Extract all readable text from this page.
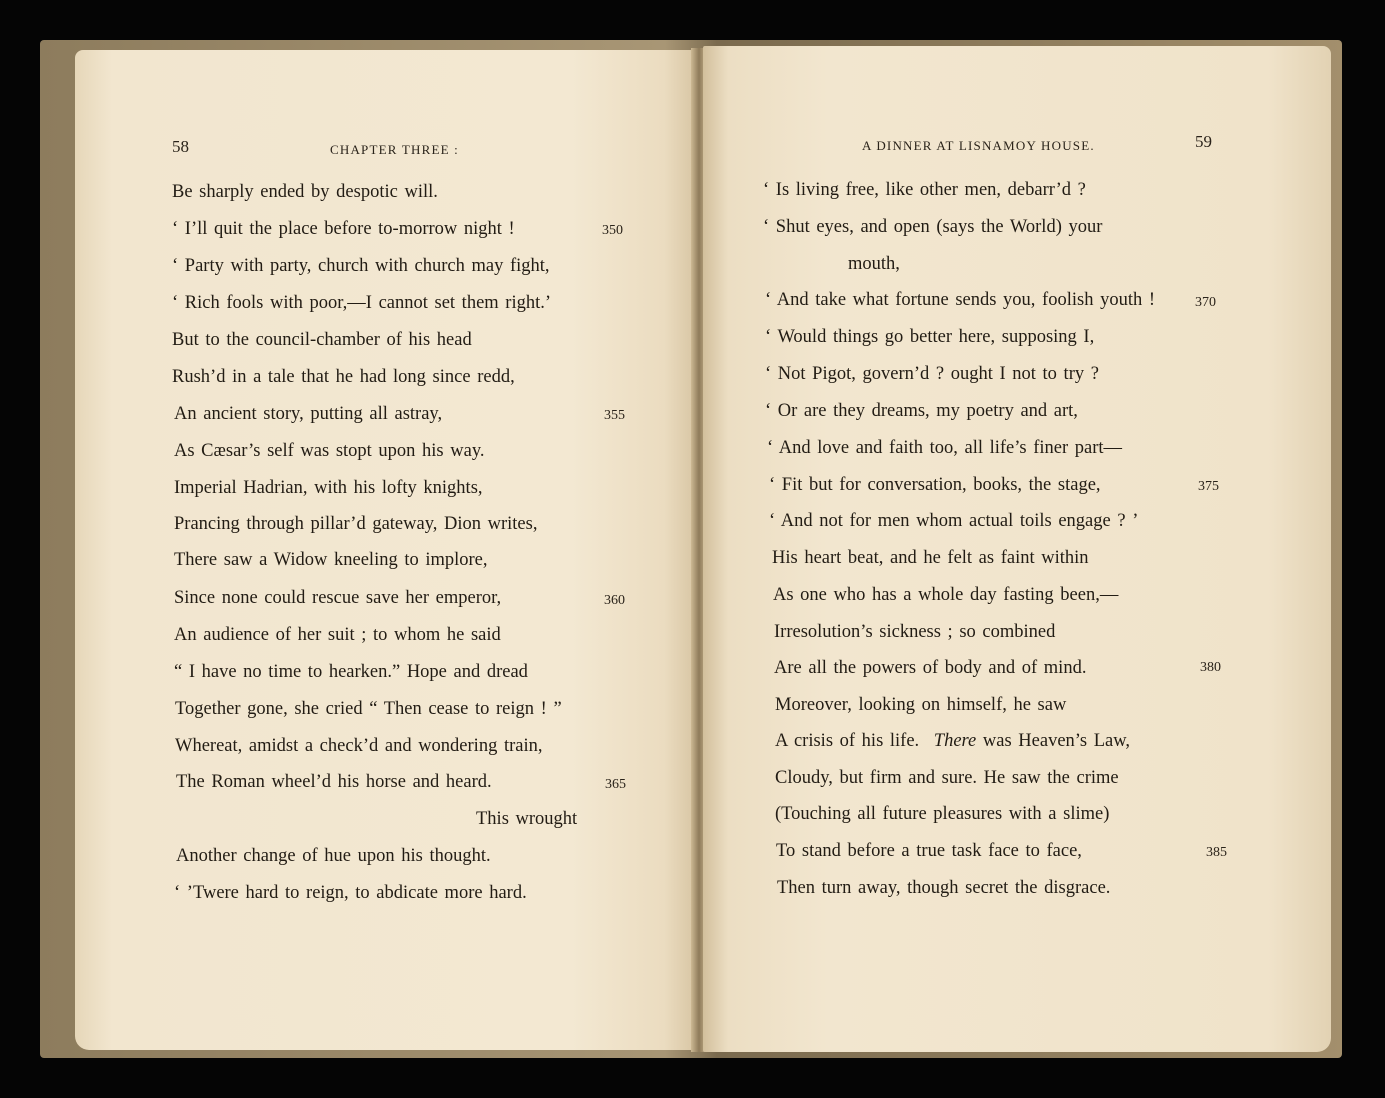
58	CHAPTER THREE :
Be sharply ended by despotic will.
‘ I’ll quit the place before to-morrow night !	350
‘ Party with party, church with church may fight,
‘ Rich fools with poor,—I cannot set them right.’
But to the council-chamber of his head
Rush’d in a tale that he had long since redd,
An ancient story, putting all astray,	355
As Cæsar’s self was stopt upon his way.
Imperial Hadrian, with his lofty knights,
Prancing through pillar’d gateway, Dion writes,
There saw a Widow kneeling to implore,
Since none could rescue save her emperor,	360
An audience of her suit ; to whom he said
“ I have no time to hearken.” Hope and dread
Together gone, she cried “ Then cease to reign ! ”
Whereat, amidst a check’d and wondering train,
The Roman wheel’d his horse and heard.	365
This wrought
Another change of hue upon his thought.
‘ ’Twere hard to reign, to abdicate more hard.
A DINNER AT LISNAMOY HOUSE.	59
‘ Is living free, like other men, debarr’d ?
‘ Shut eyes, and open (says the World) your
mouth,
‘ And take what fortune sends you, foolish youth !	370
‘ Would things go better here, supposing I,
‘ Not Pigot, govern’d ? ought I not to try ?
‘ Or are they dreams, my poetry and art,
‘ And love and faith too, all life’s finer part—
‘ Fit but for conversation, books, the stage,	375
‘ And not for men whom actual toils engage ? ’
His heart beat, and he felt as faint within
As one who has a whole day fasting been,—
Irresolution’s sickness ; so combined
Are all the powers of body and of mind.	380
Moreover, looking on himself, he saw
A crisis of his life. There was Heaven’s Law,
Cloudy, but firm and sure. He saw the crime
(Touching all future pleasures with a slime)
To stand before a true task face to face,	385
Then turn away, though secret the disgrace.
